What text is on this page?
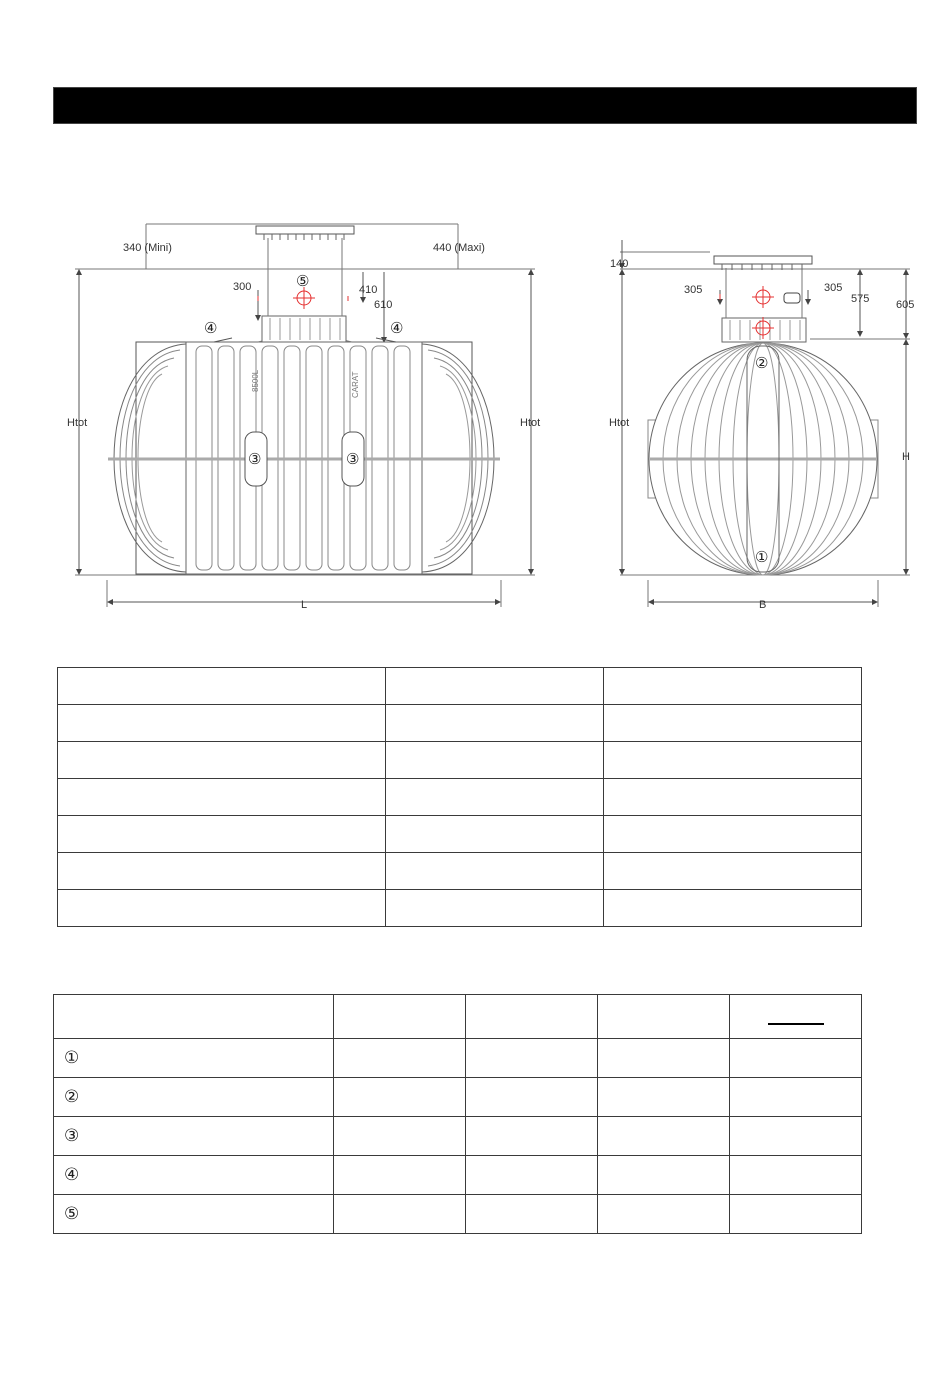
340 (Mini)	440 (Maxi)
300	410
610
Htot	Htot
L
④	④
⑤
③	③
8500L	CARAT
140
305	305
575 605
Htot
H
B
②
①

①				
②				
③				
④				
⑤				
